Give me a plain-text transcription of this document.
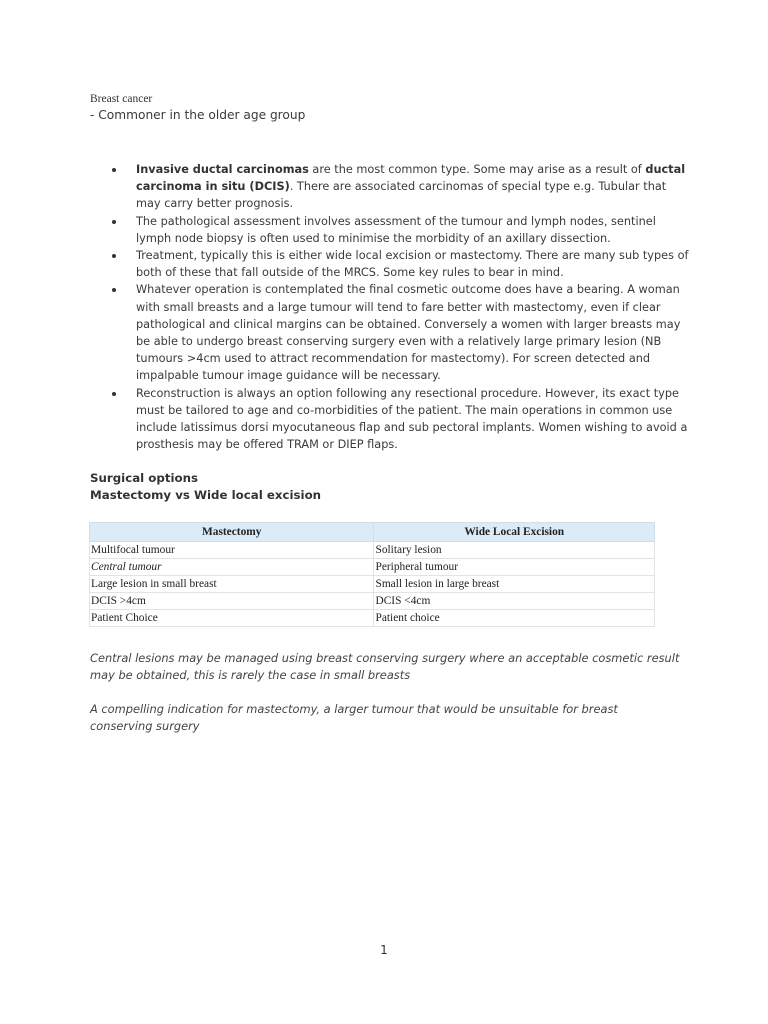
Breast cancer
- Commoner in the older age group
Invasive ductal carcinomas are the most common type. Some may arise as a result of ductal carcinoma in situ (DCIS). There are associated carcinomas of special type e.g. Tubular that may carry better prognosis.
The pathological assessment involves assessment of the tumour and lymph nodes, sentinel lymph node biopsy is often used to minimise the morbidity of an axillary dissection.
Treatment, typically this is either wide local excision or mastectomy. There are many sub types of both of these that fall outside of the MRCS. Some key rules to bear in mind.
Whatever operation is contemplated the final cosmetic outcome does have a bearing. A woman with small breasts and a large tumour will tend to fare better with mastectomy, even if clear pathological and clinical margins can be obtained. Conversely a women with larger breasts may be able to undergo breast conserving surgery even with a relatively large primary lesion (NB tumours >4cm used to attract recommendation for mastectomy). For screen detected and impalpable tumour image guidance will be necessary.
Reconstruction is always an option following any resectional procedure. However, its exact type must be tailored to age and co-morbidities of the patient. The main operations in common use include latissimus dorsi myocutaneous flap and sub pectoral implants. Women wishing to avoid a prosthesis may be offered TRAM or DIEP flaps.
Surgical options
Mastectomy vs Wide local excision
Mastectomy	Wide Local Excision
Multifocal tumour	Solitary lesion
Central tumour	Peripheral tumour
Large lesion in small breast	Small lesion in large breast
DCIS >4cm	DCIS <4cm
Patient Choice	Patient choice
Central lesions may be managed using breast conserving surgery where an acceptable cosmetic result may be obtained, this is rarely the case in small breasts
A compelling indication for mastectomy, a larger tumour that would be unsuitable for breast conserving surgery
1
